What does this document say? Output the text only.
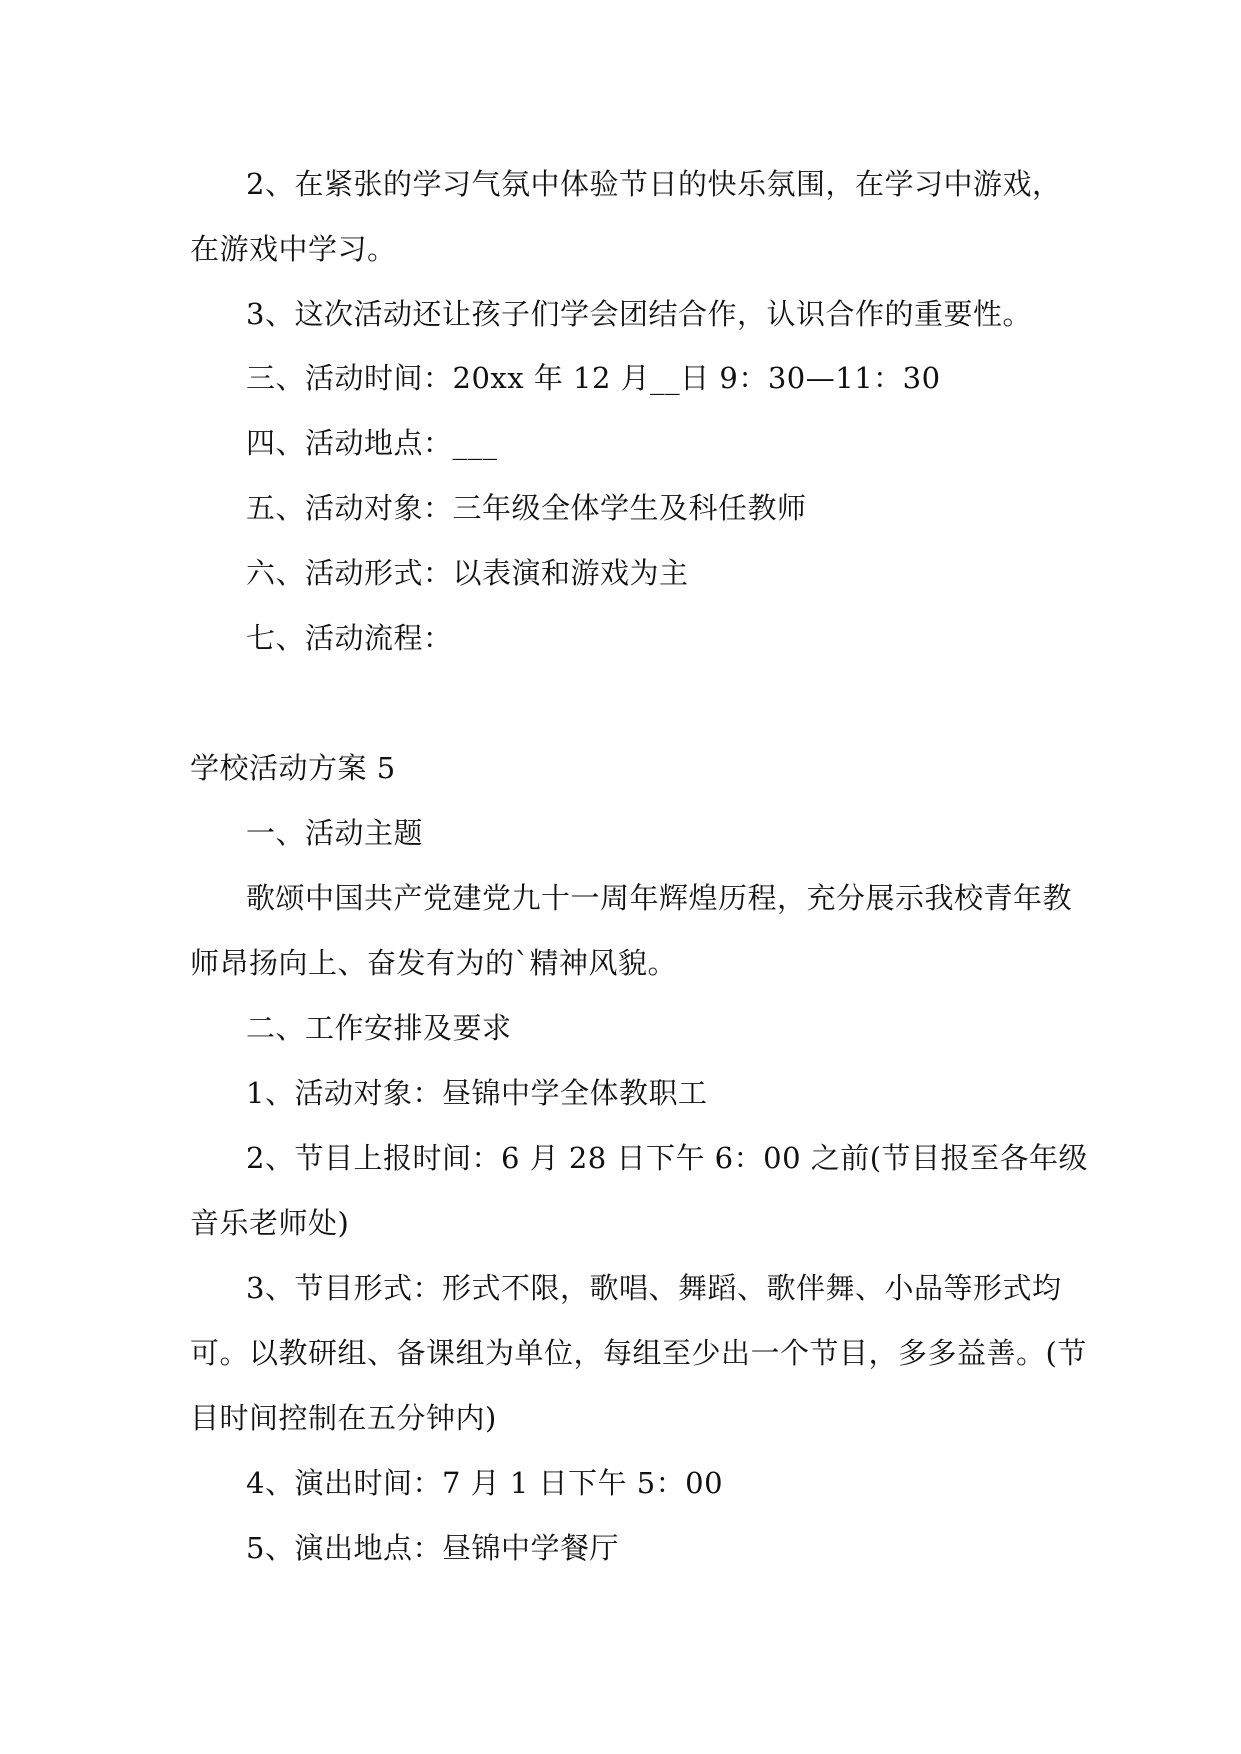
2、在紧张的学习气氛中体验节日的快乐氛围，在学习中游戏，
在游戏中学习。
3、这次活动还让孩子们学会团结合作，认识合作的重要性。
三、活动时间：20xx 年 12 月__日 9：30—11：30
四、活动地点：___
五、活动对象：三年级全体学生及科任教师
六、活动形式：以表演和游戏为主
七、活动流程：
学校活动方案 5
一、活动主题
歌颂中国共产党建党九十一周年辉煌历程，充分展示我校青年教
师昂扬向上、奋发有为的`精神风貌。
二、工作安排及要求
1、活动对象：昼锦中学全体教职工
2、节目上报时间：6 月 28 日下午 6：00 之前(节目报至各年级
音乐老师处)
3、节目形式：形式不限，歌唱、舞蹈、歌伴舞、小品等形式均
可。以教研组、备课组为单位，每组至少出一个节目，多多益善。(节
目时间控制在五分钟内)
4、演出时间：7 月 1 日下午 5：00
5、演出地点：昼锦中学餐厅
